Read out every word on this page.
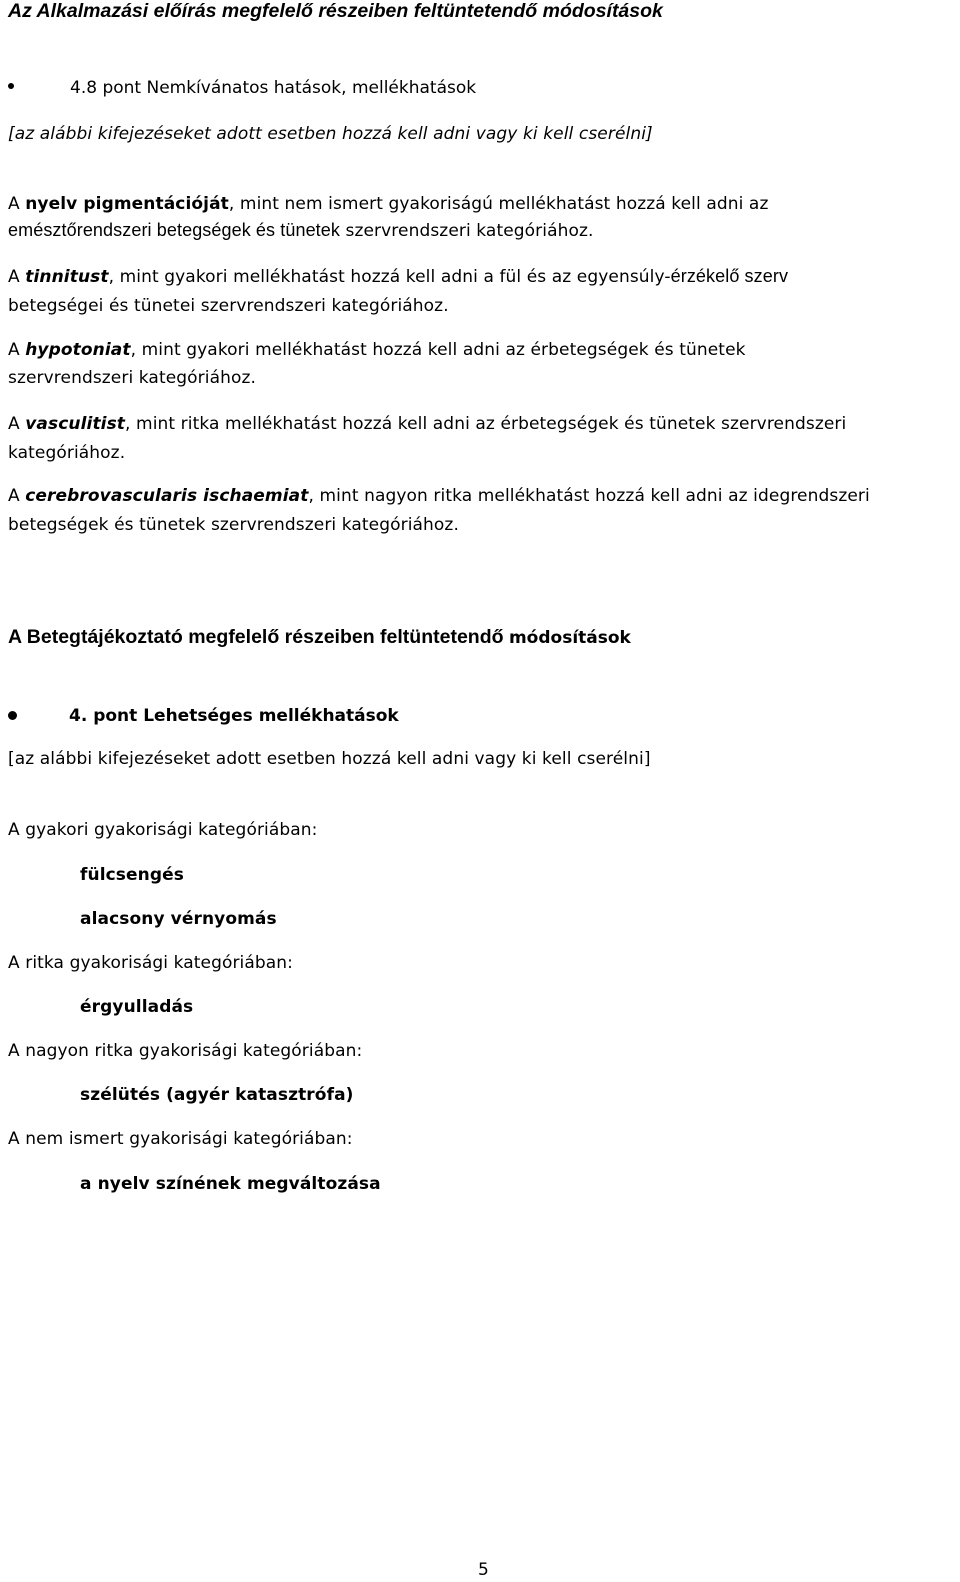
Az Alkalmazási előírás megfelelő részeiben feltüntetendő módosítások
4.8 pont Nemkívánatos hatások, mellékhatások
[az alábbi kifejezéseket adott esetben hozzá kell adni vagy ki kell cserélni]
A nyelv pigmentációját, mint nem ismert gyakoriságú mellékhatást hozzá kell adni az
emésztőrendszeri betegségek és tünetek szervrendszeri kategóriához.
A tinnitust, mint gyakori mellékhatást hozzá kell adni a fül és az egyensúly-érzékelő szerv
betegségei és tünetei szervrendszeri kategóriához.
A hypotoniat, mint gyakori mellékhatást hozzá kell adni az érbetegségek és tünetek
szervrendszeri kategóriához.
A vasculitist, mint ritka mellékhatást hozzá kell adni az érbetegségek és tünetek szervrendszeri
kategóriához.
A cerebrovascularis ischaemiat, mint nagyon ritka mellékhatást hozzá kell adni az idegrendszeri
betegségek és tünetek szervrendszeri kategóriához.
A Betegtájékoztató megfelelő részeiben feltüntetendő módosítások
4. pont Lehetséges mellékhatások
[az alábbi kifejezéseket adott esetben hozzá kell adni vagy ki kell cserélni]
A gyakori gyakorisági kategóriában:
fülcsengés
alacsony vérnyomás
A ritka gyakorisági kategóriában:
érgyulladás
A nagyon ritka gyakorisági kategóriában:
szélütés (agyér katasztrófa)
A nem ismert gyakorisági kategóriában:
a nyelv színének megváltozása
5
